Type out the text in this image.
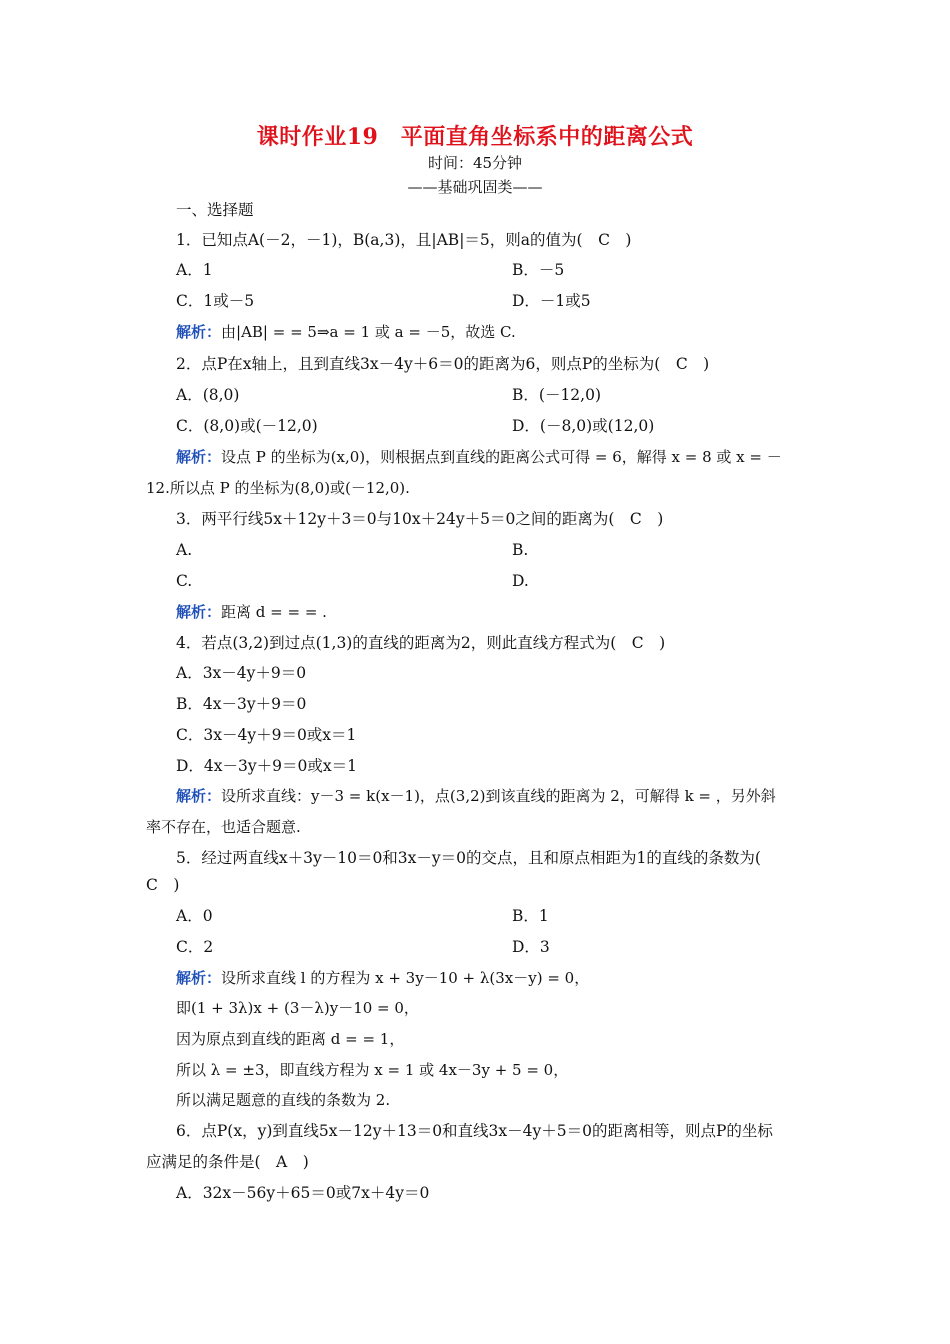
课时作业19　平面直角坐标系中的距离公式
时间：45分钟
——基础巩固类——
一、选择题
1．已知点A(－2，－1)，B(a,3)，且|AB|＝5，则a的值为(　C　)
A．1	B．－5
C．1或－5	D．－1或5
解析：由|AB| = = 5⇒a = 1 或 a = －5，故选 C.
2．点P在x轴上，且到直线3x－4y＋6＝0的距离为6，则点P的坐标为(　C　)
A．(8,0)	B．(－12,0)
C．(8,0)或(－12,0)	D．(－8,0)或(12,0)
解析：设点 P 的坐标为(x,0)，则根据点到直线的距离公式可得 = 6，解得 x = 8 或 x = －
12.所以点 P 的坐标为(8,0)或(－12,0).
3．两平行线5x＋12y＋3＝0与10x＋24y＋5＝0之间的距离为(　C　)
A.	B.
C.	D.
解析：距离 d = = = .
4．若点(3,2)到过点(1,3)的直线的距离为2，则此直线方程式为(　C　)
A．3x－4y＋9＝0
B．4x－3y＋9＝0
C．3x－4y＋9＝0或x＝1
D．4x－3y＋9＝0或x＝1
解析：设所求直线：y－3 = k(x－1)，点(3,2)到该直线的距离为 2，可解得 k = ，另外斜
率不存在，也适合题意.
5．经过两直线x＋3y－10＝0和3x－y＝0的交点，且和原点相距为1的直线的条数为(
C　)
A．0	B．1
C．2	D．3
解析：设所求直线 l 的方程为 x + 3y－10 + λ(3x－y) = 0，
即(1 + 3λ)x + (3－λ)y－10 = 0，
因为原点到直线的距离 d = = 1，
所以 λ = ±3，即直线方程为 x = 1 或 4x－3y + 5 = 0，
所以满足题意的直线的条数为 2.
6．点P(x，y)到直线5x－12y＋13＝0和直线3x－4y＋5＝0的距离相等，则点P的坐标
应满足的条件是(　A　)
A．32x－56y＋65＝0或7x＋4y＝0
